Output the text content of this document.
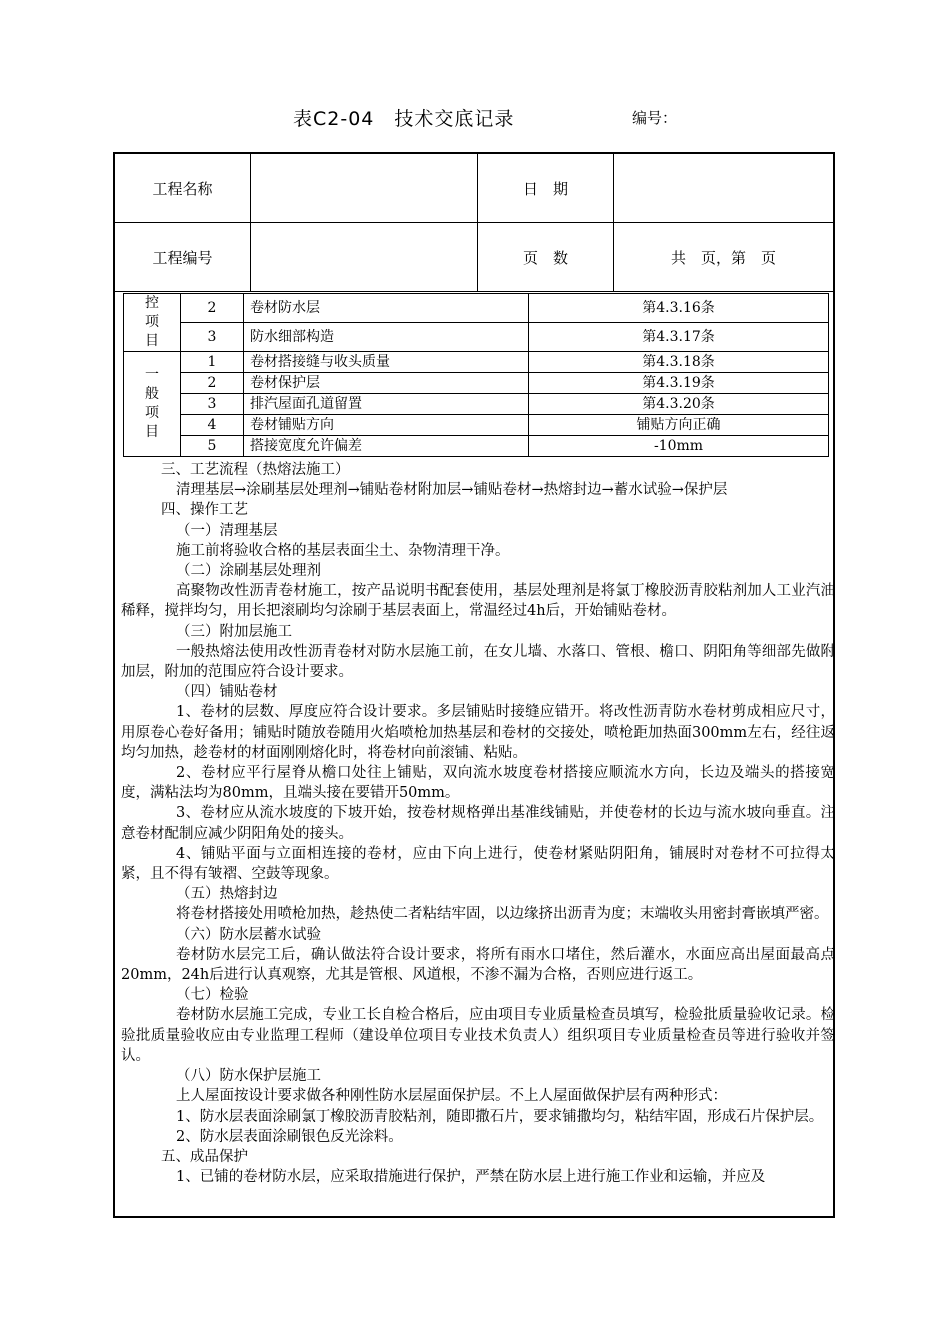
表C2-04　技术交底记录	编号：
工程名称	日　期
工程编号	页　数	共　页，第　页
控
项
目	2	卷材防水层	第4.3.16条
	3	防水细部构造	第4.3.17条
一
般
项
目	1	卷材搭接缝与收头质量	第4.3.18条
	2	卷材保护层	第4.3.19条
	3	排汽屋面孔道留置	第4.3.20条
	4	卷材铺贴方向	铺贴方向正确
	5	搭接宽度允许偏差	-10mm

三、工艺流程（热熔法施工）

清理基层→涂刷基层处理剂→铺贴卷材附加层→铺贴卷材→热熔封边→蓄水试验→保护层

四、操作工艺

（一）清理基层

施工前将验收合格的基层表面尘土、杂物清理干净。

（二）涂刷基层处理剂

高聚物改性沥青卷材施工，按产品说明书配套使用，基层处理剂是将氯丁橡胶沥青胶粘剂加人工业汽油稀释，搅拌均匀，用长把滚刷均匀涂刷于基层表面上，常温经过4h后，开始铺贴卷材。

（三）附加层施工

一般热熔法使用改性沥青卷材对防水层施工前，在女儿墙、水落口、管根、檐口、阴阳角等细部先做附加层，附加的范围应符合设计要求。

（四）铺贴卷材

1、卷材的层数、厚度应符合设计要求。多层铺贴时接缝应错开。将改性沥青防水卷材剪成相应尺寸，用原卷心卷好备用；铺贴时随放卷随用火焰喷枪加热基层和卷材的交接处，喷枪距加热面300mm左右，经往返均匀加热，趁卷材的材面刚刚熔化时，将卷材向前滚铺、粘贴。

2、卷材应平行屋脊从檐口处往上铺贴，双向流水坡度卷材搭接应顺流水方向，长边及端头的搭接宽度，满粘法均为80mm，且端头接在要错开50mm。

3、卷材应从流水坡度的下坡开始，按卷材规格弹出基准线铺贴，并使卷材的长边与流水坡向垂直。注意卷材配制应减少阴阳角处的接头。

4、铺贴平面与立面相连接的卷材，应由下向上进行，使卷材紧贴阴阳角，铺展时对卷材不可拉得太紧，且不得有皱褶、空鼓等现象。

（五）热熔封边

将卷材搭接处用喷枪加热，趁热使二者粘结牢固，以边缘挤出沥青为度；末端收头用密封膏嵌填严密。

（六）防水层蓄水试验

卷材防水层完工后，确认做法符合设计要求，将所有雨水口堵住，然后灌水，水面应高出屋面最高点20mm，24h后进行认真观察，尤其是管根、风道根，不渗不漏为合格，否则应进行返工。

（七）检验

卷材防水层施工完成，专业工长自检合格后，应由项目专业质量检查员填写，检验批质量验收记录。检验批质量验收应由专业监理工程师（建设单位项目专业技术负责人）组织项目专业质量检查员等进行验收并签认。

（八）防水保护层施工

上人屋面按设计要求做各种刚性防水层屋面保护层。不上人屋面做保护层有两种形式：

1、防水层表面涂刷氯丁橡胶沥青胶粘剂，随即撒石片，要求铺撒均匀，粘结牢固，形成石片保护层。

2、防水层表面涂刷银色反光涂料。

五、成品保护

1、已铺的卷材防水层，应采取措施进行保护，严禁在防水层上进行施工作业和运输，并应及
